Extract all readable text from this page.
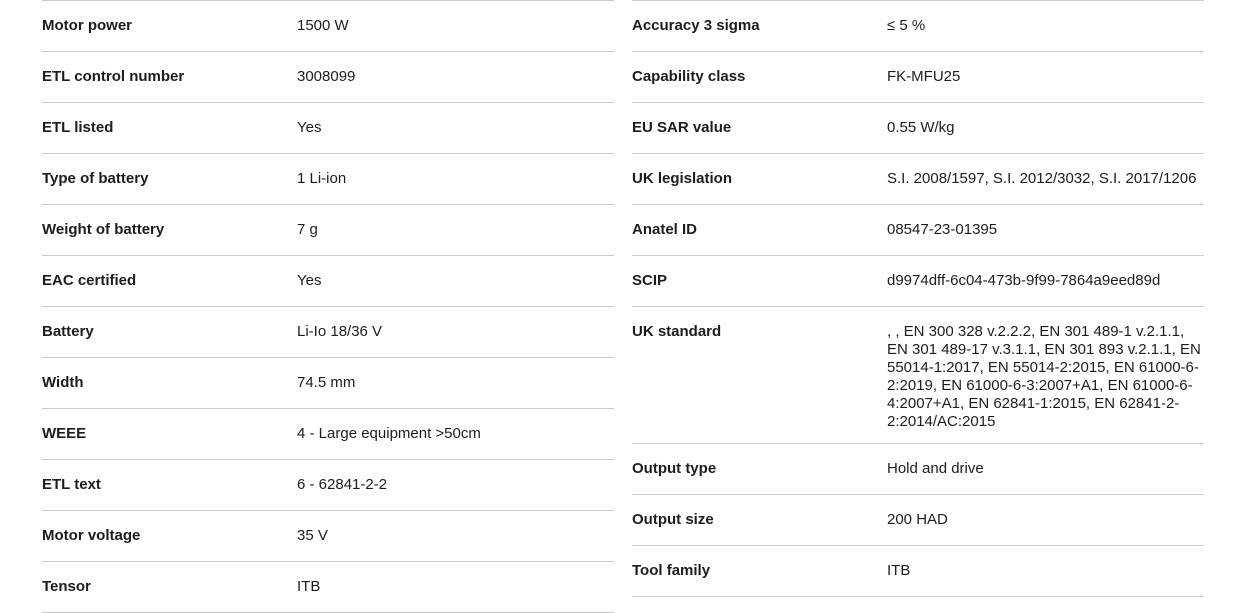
Motor power	1500 W
ETL control number	3008099
ETL listed	Yes
Type of battery	1 Li-ion
Weight of battery	7 g
EAC certified	Yes
Battery	Li-Io 18/36 V
Width	74.5 mm
WEEE	4 - Large equipment >50cm
ETL text	6 - 62841-2-2
Motor voltage	35 V
Tensor	ITB
Accuracy 3 sigma	≤ 5 %
Capability class	FK-MFU25
EU SAR value	0.55 W/kg
UK legislation	S.I. 2008/1597, S.I. 2012/3032, S.I. 2017/1206
Anatel ID	08547-23-01395
SCIP	d9974dff-6c04-473b-9f99-7864a9eed89d
UK standard	, , EN 300 328 v.2.2.2, EN 301 489-1 v.2.1.1, EN 301 489-17 v.3.1.1, EN 301 893 v.2.1.1, EN 55014-1:2017, EN 55014-2:2015, EN 61000-6-2:2019, EN 61000-6-3:2007+A1, EN 61000-6-4:2007+A1, EN 62841-1:2015, EN 62841-2-2:2014/AC:2015
Output type	Hold and drive
Output size	200 HAD
Tool family	ITB
